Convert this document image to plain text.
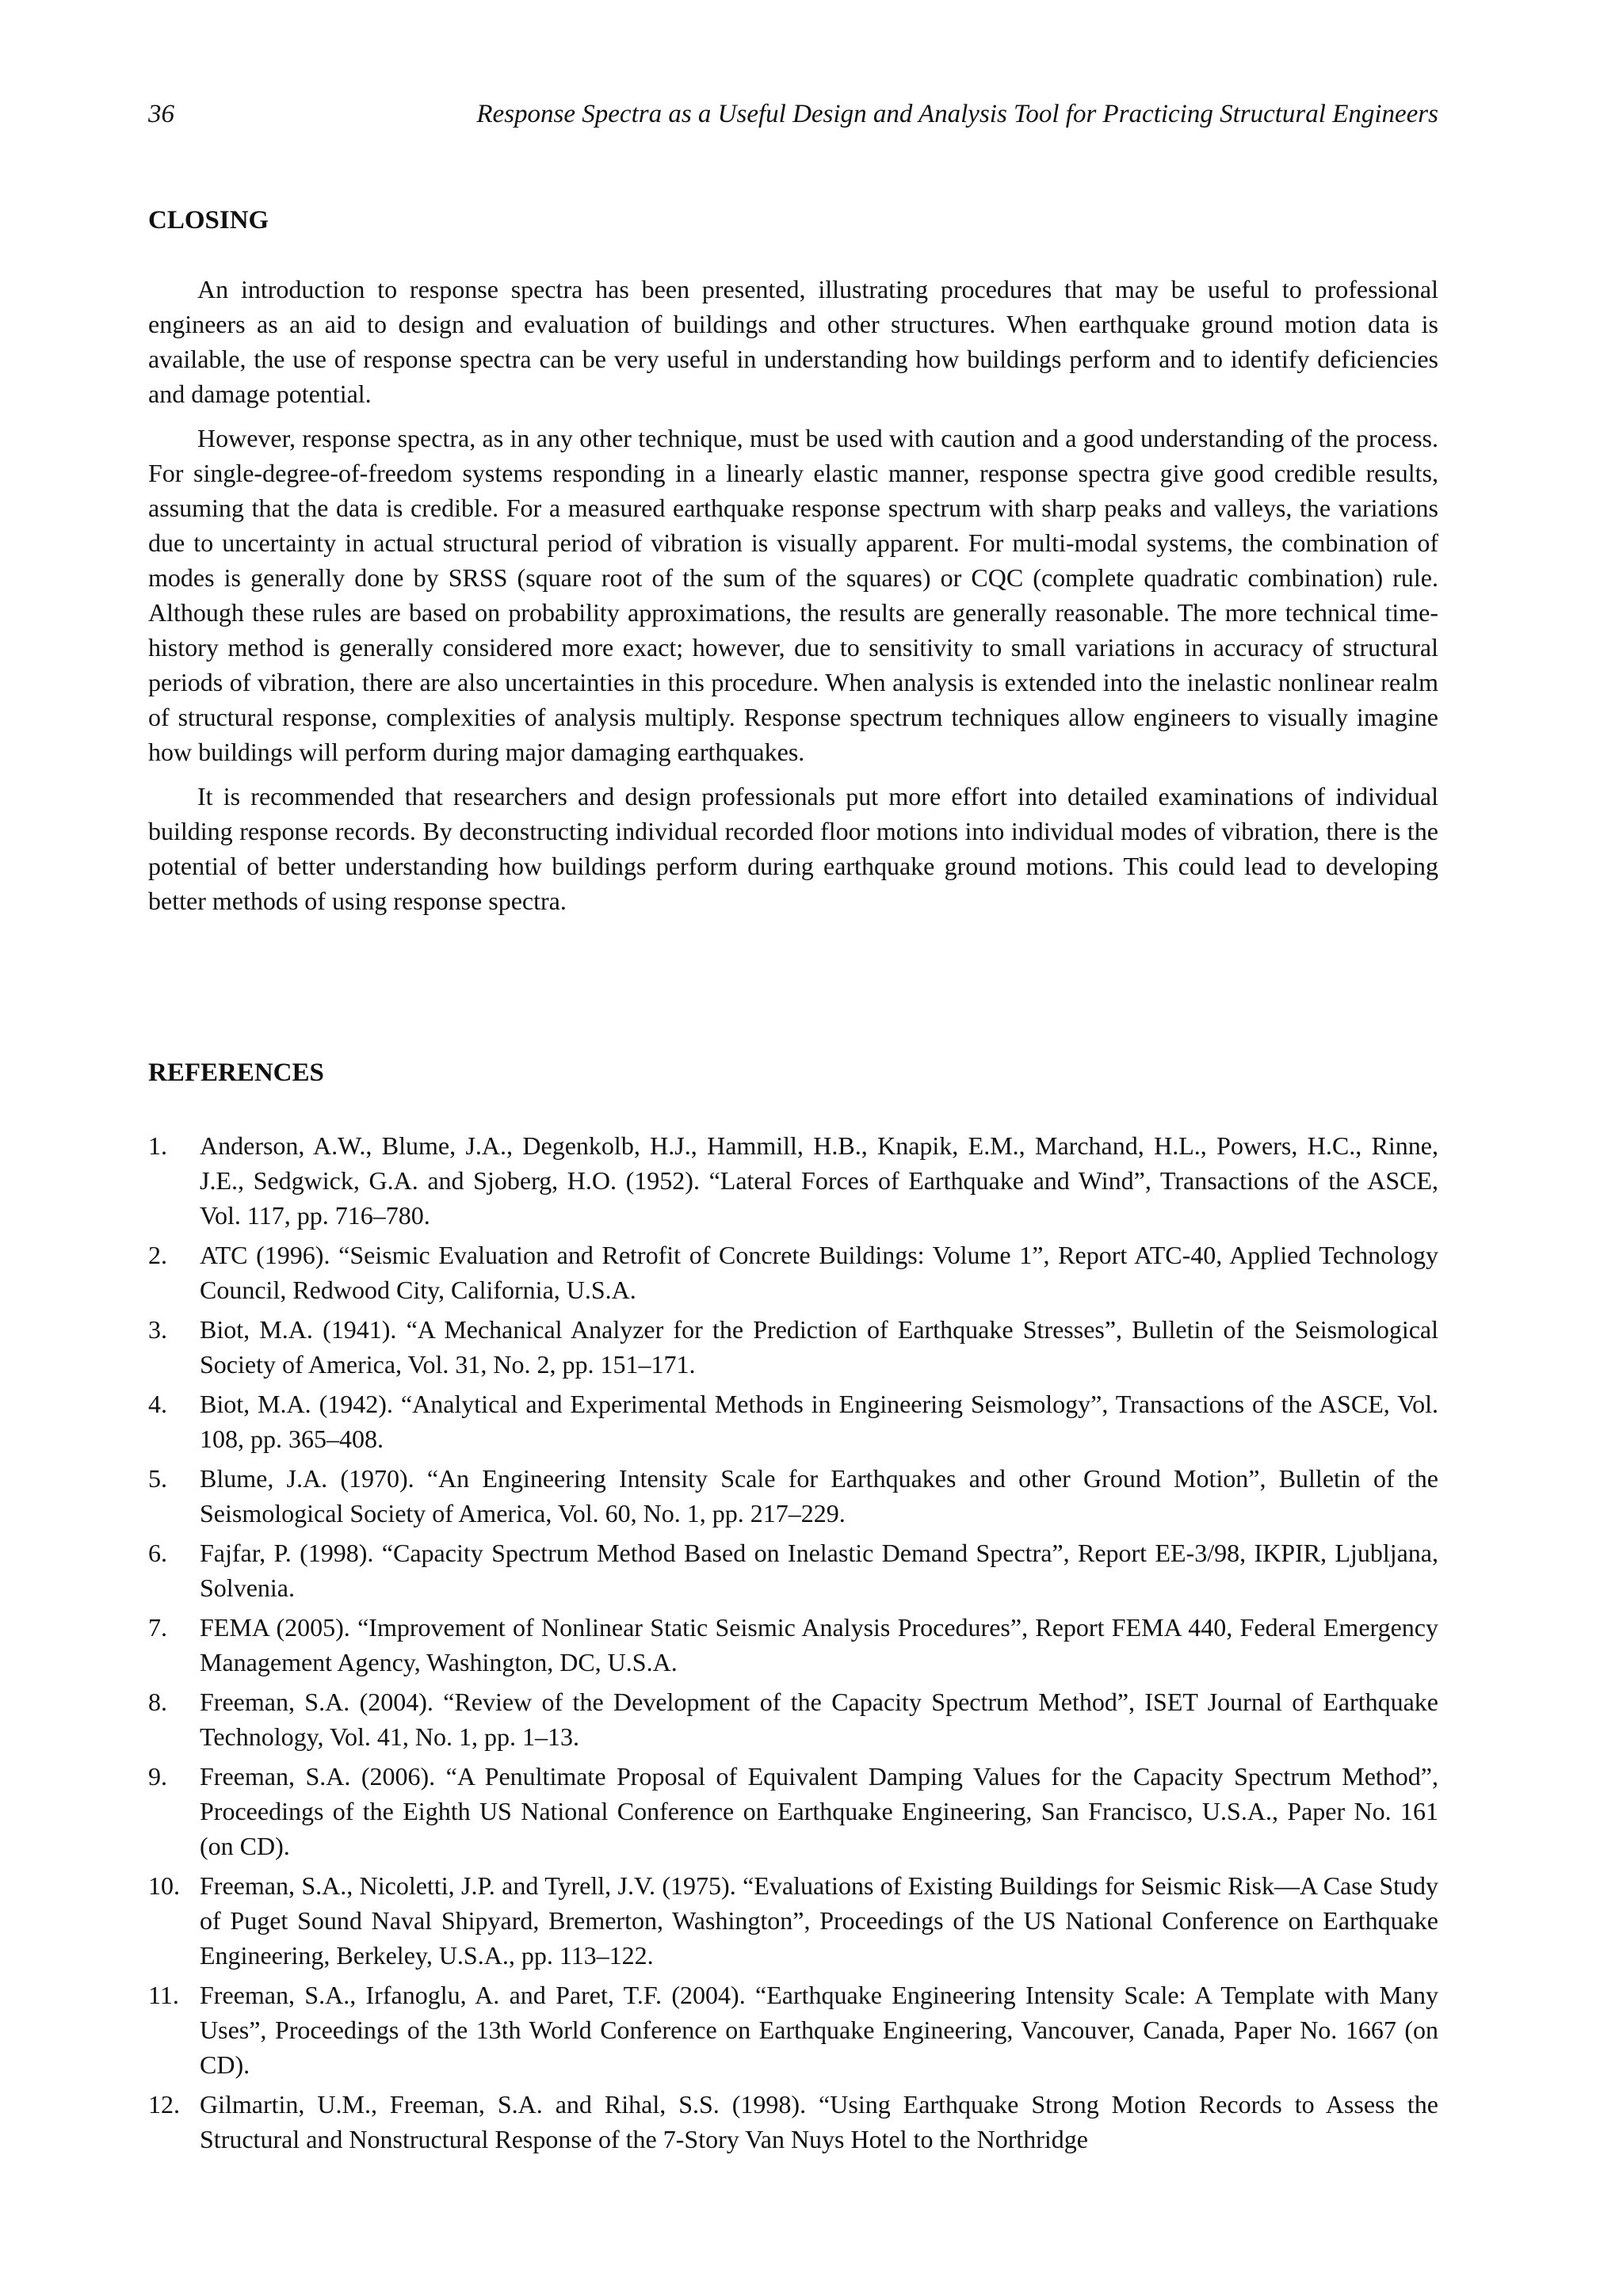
36	Response Spectra as a Useful Design and Analysis Tool for Practicing Structural Engineers
CLOSING

An introduction to response spectra has been presented, illustrating procedures that may be useful to professional engineers as an aid to design and evaluation of buildings and other structures. When earthquake ground motion data is available, the use of response spectra can be very useful in understanding how buildings perform and to identify deficiencies and damage potential.

However, response spectra, as in any other technique, must be used with caution and a good understanding of the process. For single-degree-of-freedom systems responding in a linearly elastic manner, response spectra give good credible results, assuming that the data is credible. For a measured earthquake response spectrum with sharp peaks and valleys, the variations due to uncertainty in actual structural period of vibration is visually apparent. For multi-modal systems, the combination of modes is generally done by SRSS (square root of the sum of the squares) or CQC (complete quadratic combination) rule. Although these rules are based on probability approximations, the results are generally reasonable. The more technical time-history method is generally considered more exact; however, due to sensitivity to small variations in accuracy of structural periods of vibration, there are also uncertainties in this procedure. When analysis is extended into the inelastic nonlinear realm of structural response, complexities of analysis multiply. Response spectrum techniques allow engineers to visually imagine how buildings will perform during major damaging earthquakes.

It is recommended that researchers and design professionals put more effort into detailed examinations of individual building response records. By deconstructing individual recorded floor motions into individual modes of vibration, there is the potential of better understanding how buildings perform during earthquake ground motions. This could lead to developing better methods of using response spectra.

REFERENCES
1. Anderson, A.W., Blume, J.A., Degenkolb, H.J., Hammill, H.B., Knapik, E.M., Marchand, H.L., Powers, H.C., Rinne, J.E., Sedgwick, G.A. and Sjoberg, H.O. (1952). “Lateral Forces of Earthquake and Wind”, Transactions of the ASCE, Vol. 117, pp. 716–780.
2. ATC (1996). “Seismic Evaluation and Retrofit of Concrete Buildings: Volume 1”, Report ATC-40, Applied Technology Council, Redwood City, California, U.S.A.
3. Biot, M.A. (1941). “A Mechanical Analyzer for the Prediction of Earthquake Stresses”, Bulletin of the Seismological Society of America, Vol. 31, No. 2, pp. 151–171.
4. Biot, M.A. (1942). “Analytical and Experimental Methods in Engineering Seismology”, Transactions of the ASCE, Vol. 108, pp. 365–408.
5. Blume, J.A. (1970). “An Engineering Intensity Scale for Earthquakes and other Ground Motion”, Bulletin of the Seismological Society of America, Vol. 60, No. 1, pp. 217–229.
6. Fajfar, P. (1998). “Capacity Spectrum Method Based on Inelastic Demand Spectra”, Report EE-3/98, IKPIR, Ljubljana, Solvenia.
7. FEMA (2005). “Improvement of Nonlinear Static Seismic Analysis Procedures”, Report FEMA 440, Federal Emergency Management Agency, Washington, DC, U.S.A.
8. Freeman, S.A. (2004). “Review of the Development of the Capacity Spectrum Method”, ISET Journal of Earthquake Technology, Vol. 41, No. 1, pp. 1–13.
9. Freeman, S.A. (2006). “A Penultimate Proposal of Equivalent Damping Values for the Capacity Spectrum Method”, Proceedings of the Eighth US National Conference on Earthquake Engineering, San Francisco, U.S.A., Paper No. 161 (on CD).
10. Freeman, S.A., Nicoletti, J.P. and Tyrell, J.V. (1975). “Evaluations of Existing Buildings for Seismic Risk—A Case Study of Puget Sound Naval Shipyard, Bremerton, Washington”, Proceedings of the US National Conference on Earthquake Engineering, Berkeley, U.S.A., pp. 113–122.
11. Freeman, S.A., Irfanoglu, A. and Paret, T.F. (2004). “Earthquake Engineering Intensity Scale: A Template with Many Uses”, Proceedings of the 13th World Conference on Earthquake Engineering, Vancouver, Canada, Paper No. 1667 (on CD).
12. Gilmartin, U.M., Freeman, S.A. and Rihal, S.S. (1998). “Using Earthquake Strong Motion Records to Assess the Structural and Nonstructural Response of the 7-Story Van Nuys Hotel to the Northridge
